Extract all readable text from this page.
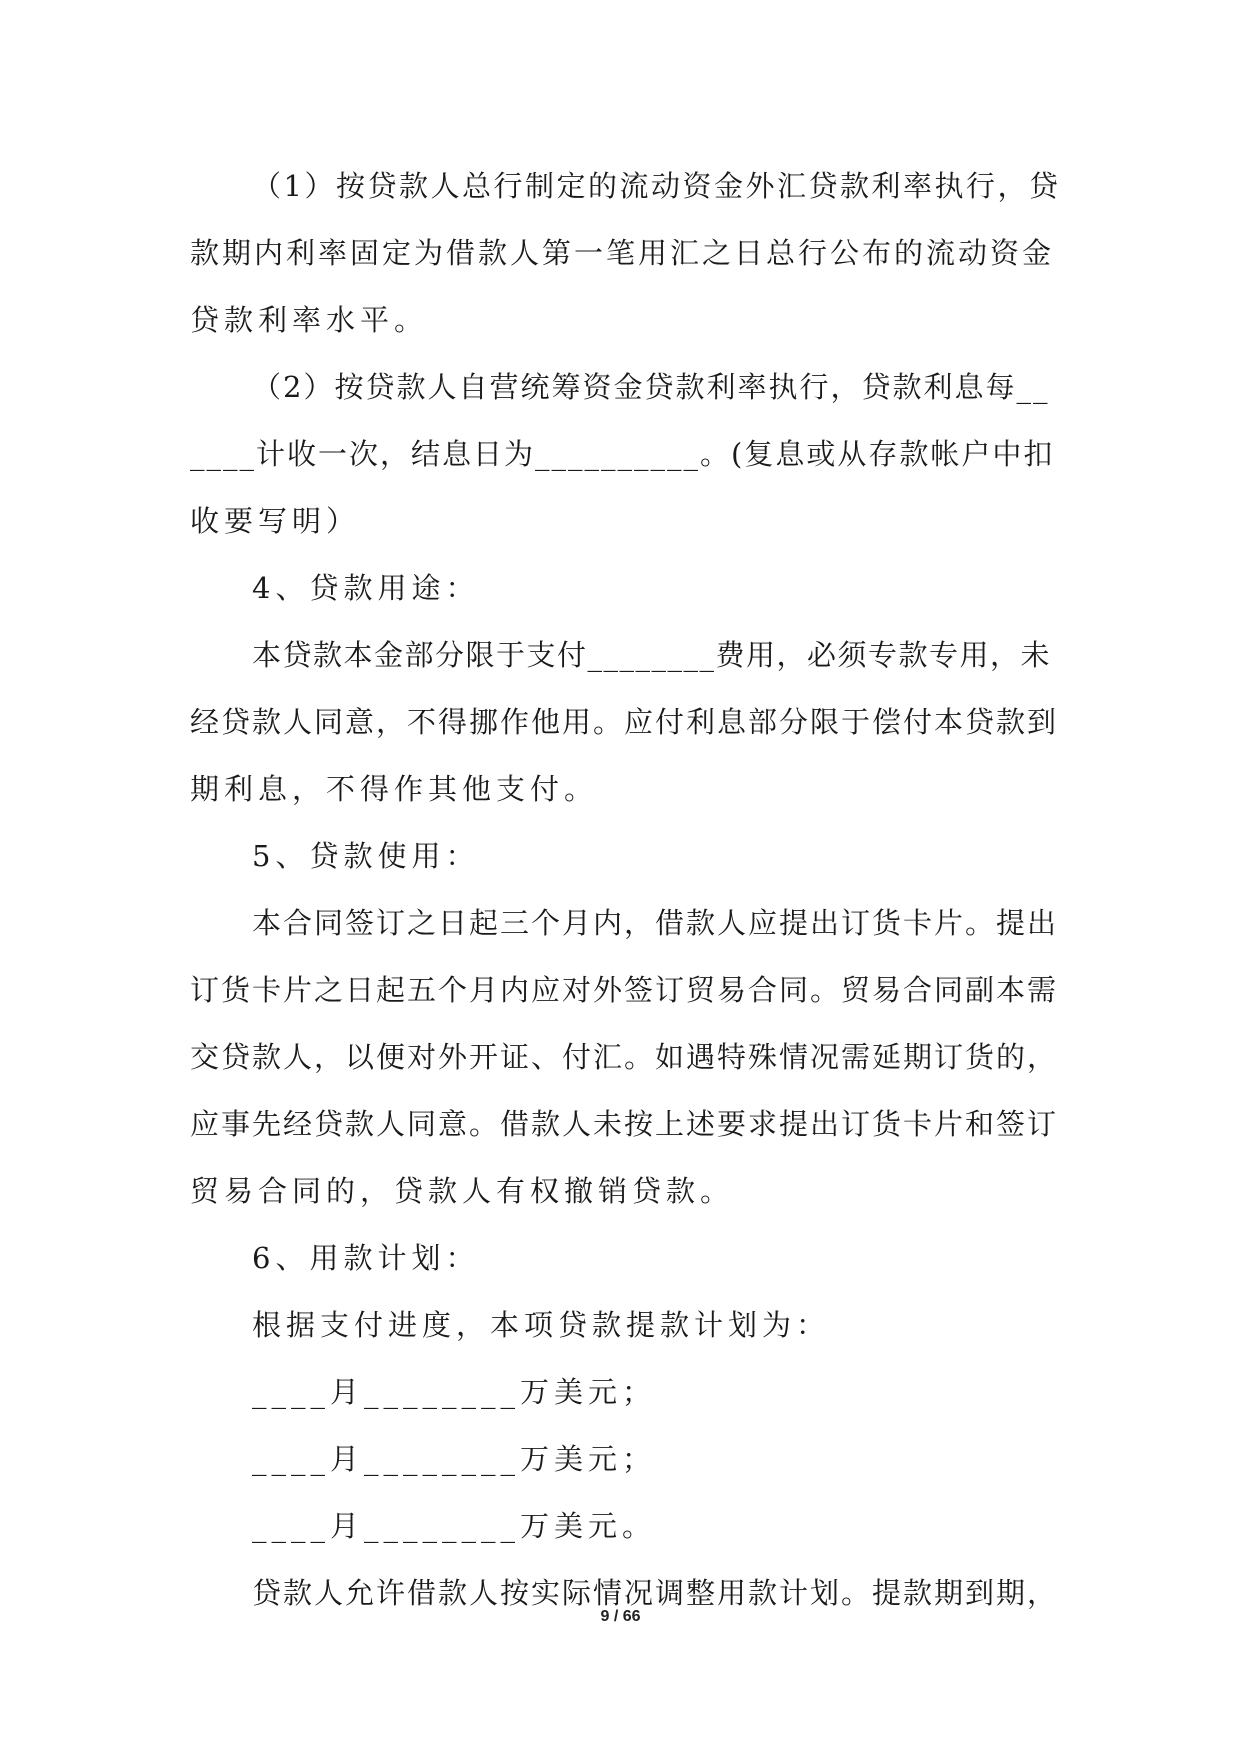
（1）按贷款人总行制定的流动资金外汇贷款利率执行，贷
款期内利率固定为借款人第一笔用汇之日总行公布的流动资金
贷款利率水平。
（2）按贷款人自营统筹资金贷款利率执行，贷款利息每__
____计收一次，结息日为__________。(复息或从存款帐户中扣
收要写明）
4、贷款用途：
本贷款本金部分限于支付________费用，必须专款专用，未
经贷款人同意，不得挪作他用。应付利息部分限于偿付本贷款到
期利息，不得作其他支付。
5、贷款使用：
本合同签订之日起三个月内，借款人应提出订货卡片。提出
订货卡片之日起五个月内应对外签订贸易合同。贸易合同副本需
交贷款人，以便对外开证、付汇。如遇特殊情况需延期订货的，
应事先经贷款人同意。借款人未按上述要求提出订货卡片和签订
贸易合同的，贷款人有权撤销贷款。
6、用款计划：
根据支付进度，本项贷款提款计划为：
____月________万美元；
____月________万美元；
____月________万美元。
贷款人允许借款人按实际情况调整用款计划。提款期到期，
9 / 66
